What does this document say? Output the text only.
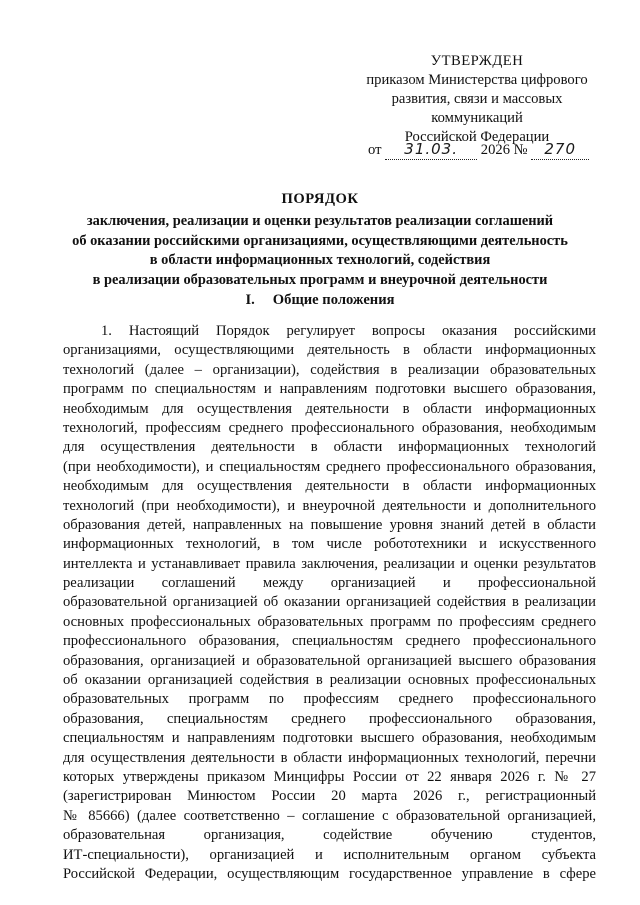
УТВЕРЖДЕН
приказом Министерства цифрового
развития, связи и массовых
коммуникаций
Российской Федерации
от 31.03. 2026 № 270
ПОРЯДОК
заключения, реализации и оценки результатов реализации соглашений
об оказании российскими организациями, осуществляющими деятельность
в области информационных технологий, содействия
в реализации образовательных программ и внеурочной деятельности
I. Общие положения
1. Настоящий Порядок регулирует вопросы оказания российскими
организациями, осуществляющими деятельность в области информационных
технологий (далее – организации), содействия в реализации образовательных
программ по специальностям и направлениям подготовки высшего образования,
необходимым для осуществления деятельности в области информационных
технологий, профессиям среднего профессионального образования, необходимым
для осуществления деятельности в области информационных технологий
(при необходимости), и специальностям среднего профессионального образования,
необходимым для осуществления деятельности в области информационных
технологий (при необходимости), и внеурочной деятельности и дополнительного
образования детей, направленных на повышение уровня знаний детей в области
информационных технологий, в том числе робототехники и искусственного
интеллекта и устанавливает правила заключения, реализации и оценки результатов
реализации соглашений между организацией и профессиональной
образовательной организацией об оказании организацией содействия в реализации
основных профессиональных образовательных программ по профессиям среднего
профессионального образования, специальностям среднего профессионального
образования, организацией и образовательной организацией высшего образования
об оказании организацией содействия в реализации основных профессиональных
образовательных программ по профессиям среднего профессионального
образования, специальностям среднего профессионального образования,
специальностям и направлениям подготовки высшего образования, необходимым
для осуществления деятельности в области информационных технологий, перечни
которых утверждены приказом Минцифры России от 22 января 2026 г. № 27
(зарегистрирован Минюстом России 20 марта 2026 г., регистрационный
№ 85666) (далее соответственно – соглашение с образовательной организацией,
образовательная организация, содействие обучению студентов,
ИТ-специальности), организацией и исполнительным органом субъекта
Российской Федерации, осуществляющим государственное управление в сфере
